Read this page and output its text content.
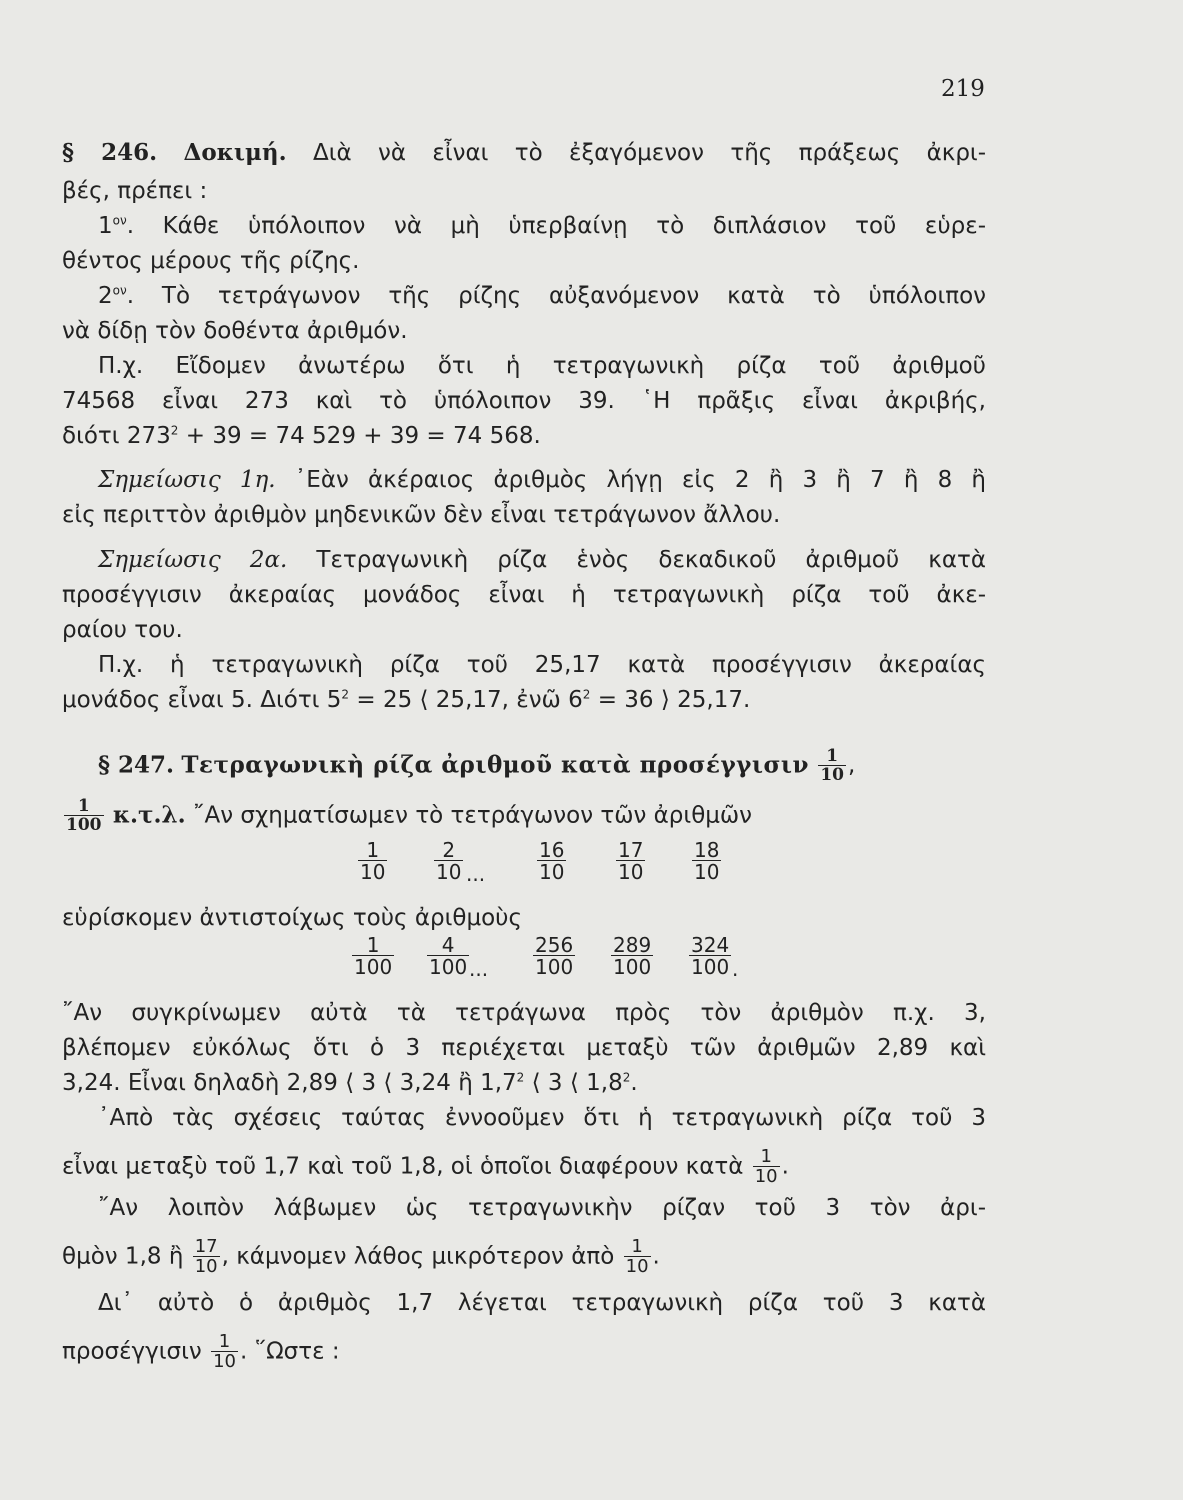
219
§ 246. Δοκιμή. Διὰ νὰ εἶναι τὸ ἐξαγόμενον τῆς πράξεως ἀκρι-
βές, πρέπει :
$1^{o\nu}$. Κάθε ὑπόλοιπον νὰ μὴ ὑπερβαίνῃ τὸ διπλάσιον τοῦ εὑρε-
θέντος μέρους τῆς ρίζης.
$2^{o\nu}$. Τὸ τετράγωνον τῆς ρίζης αὐξανόμενον κατὰ τὸ ὑπόλοιπον
νὰ δίδῃ τὸν δοθέντα ἀριθμόν.
Π.χ. Εἴδομεν ἀνωτέρω ὅτι ἡ τετραγωνικὴ ρίζα τοῦ ἀριθμοῦ
74568 εἶναι 273 καὶ τὸ ὑπόλοιπον 39. ῾Η πρᾶξις εἶναι ἀκριβής,
διότι $273^2 + 39 = 74$ 529 + 39 = 74 568.
Σημείωσις 1η. ᾿Εὰν ἀκέραιος ἀριθμὸς λήγῃ εἰς 2 ἢ 3 ἢ 7 ἢ 8 ἢ
εἰς περιττὸν ἀριθμὸν μηδενικῶν δὲν εἶναι τετράγωνον ἄλλου.
Σημείωσις 2α. Τετραγωνικὴ ρίζα ἑνὸς δεκαδικοῦ ἀριθμοῦ κατὰ
προσέγγισιν ἀκεραίας μονάδος εἶναι ἡ τετραγωνικὴ ρίζα τοῦ ἀκε-
ραίου του.
Π.χ. ἡ τετραγωνικὴ ρίζα τοῦ 25,17 κατὰ προσέγγισιν ἀκεραίας
μονάδος εἶναι 5. Διότι $5^2 = 25$ ⟨ 25,17, ἐνῶ $6^2 = 36$ ⟩ 25,17.
§ 247. Τετραγωνικὴ ρίζα ἀριθμοῦ κατὰ προσέγγισιν $\frac{1}{10}$ ,
$\frac{1}{100} \kappa.\tau.\lambda$. ῎Αν σχηματίσωμεν τὸ τετράγωνον τῶν ἀριθμῶν
$\frac{1}{10} \frac{2}{10}$ ...	$\frac{16}{10} \frac{17}{10} \frac{18}{10}$
εὑρίσκομεν ἀντιστοίχως τοὺς ἀριθμοὺς
$\frac{1}{100} \frac{4}{100}$ ... $\frac{256}{100} \frac{289}{100} \frac{324}{100}$ .
῎Αν συγκρίνωμεν αὐτὰ τὰ τετράγωνα πρὸς τὸν ἀριθμὸν π.χ. 3,
βλέπομεν εὐκόλως ὅτι ὁ 3 περιέχεται μεταξὺ τῶν ἀριθμῶν 2,89 καὶ
3,24. Εἶναι δηλαδὴ 2,89 ⟨ 3 ⟨ 3,24 ἢ $1,7^2$ ⟨ 3 ⟨ $1,8^2$.
᾿Απὸ τὰς σχέσεις ταύτας ἐννοοῦμεν ὅτι ἡ τετραγωνικὴ ρίζα τοῦ 3
εἶναι μεταξὺ τοῦ 1,7 καὶ τοῦ 1,8, οἱ ὁποῖοι διαφέρουν κατὰ $\frac{1}{10}$ .
῎Αν λοιπὸν λάβωμεν ὡς τετραγωνικὴν ρίζαν τοῦ 3 τὸν ἀρι-
θμὸν 1,8 ἢ $\frac{17}{10}$ , κάμνομεν λάθος μικρότερον ἀπὸ $\frac{1}{10}$ .
Δι᾿ αὐτὸ ὁ ἀριθμὸς 1,7 λέγεται τετραγωνικὴ ρίζα τοῦ 3 κατὰ
προσέγγισιν $\frac{1}{10}$ . ῞Ωστε :
